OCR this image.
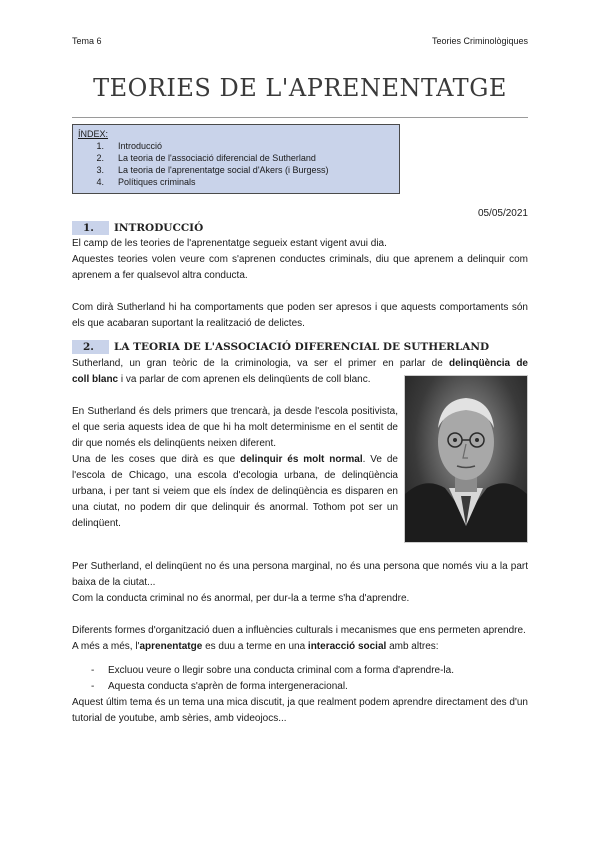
Tema 6	Teories Criminològiques
TEORIES DE L'APRENENTATGE
ÍNDEX:
1. Introducció
2. La teoria de l'associació diferencial de Sutherland
3. La teoria de l'aprenentatge social d'Akers (i Burgess)
4. Polítiques criminals
05/05/2021
1. INTRODUCCIÓ

El camp de les teories de l'aprenentatge segueix estant vigent avui dia.

Aquestes teories volen veure com s'aprenen conductes criminals, diu que aprenem a delinquir com aprenem a fer qualsevol altra conducta.

Com dirà Sutherland hi ha comportaments que poden ser apresos i que aquests comportaments són els que acabaran suportant la realització de delictes.

2. LA TEORIA DE L'ASSOCIACIÓ DIFERENCIAL DE SUTHERLAND

Sutherland, un gran teòric de la criminologia, va ser el primer en parlar de delinqüència de

coll blanc i va parlar de com aprenen els delinqüents de coll blanc.

En Sutherland és dels primers que trencarà, ja desde l'escola positivista, el que seria aquests idea de que hi ha molt determinisme en el sentit de dir que només els delinqüents neixen diferent.

Una de les coses que dirà es que delinquir és molt normal. Ve de l'escola de Chicago, una escola d'ecologia urbana, de delinqüència urbana, i per tant si veiem que els índex de delinqüència es disparen en una ciutat, no podem dir que delinquir és anormal. Tothom pot ser un delinqüent.

Per Sutherland, el delinqüent no és una persona marginal, no és una persona que només viu a la part baixa de la ciutat...

Com la conducta criminal no és anormal, per dur-la a terme s'ha d'aprendre.

Diferents formes d'organització duen a influències culturals i mecanismes que ens permeten aprendre.

A més a més, l'aprenentatge es duu a terme en una interacció social amb altres:

- Excluou veure o llegir sobre una conducta criminal com a forma d'aprendre-la.
- Aquesta conducta s'aprèn de forma intergeneracional.

Aquest últim tema és un tema una mica discutit, ja que realment podem aprendre directament des d'un tutorial de youtube, amb sèries, amb videojocs...
